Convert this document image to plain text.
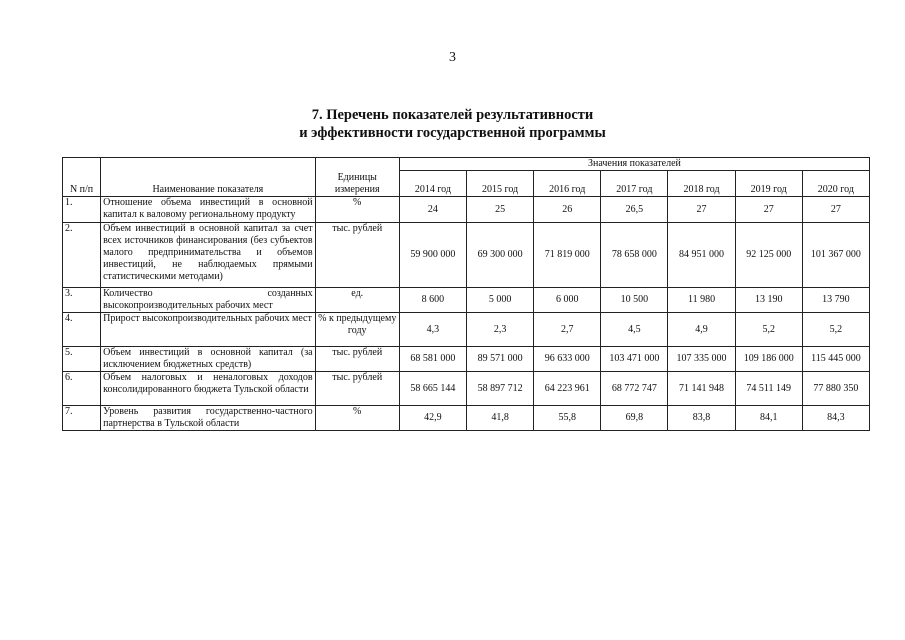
3
7. Перечень показателей результативности
и эффективности государственной программы
N п/п	Наименование показателя	Единицы измерения	Значения показателей						
			2014 год	2015 год	2016 год	2017 год	2018 год	2019 год	2020 год
1.	Отношение объема инвестиций в основной капитал к валовому региональному продукту	%	24	25	26	26,5	27	27	27
2.	Объем инвестиций в основной капитал за счет всех источников финансирования (без субъектов малого предпринимательства и объемов инвестиций, не наблюдаемых прямыми статистическими методами)	тыс. рублей	59 900 000	69 300 000	71 819 000	78 658 000	84 951 000	92 125 000	101 367 000
3.	Количество созданных высокопроизводительных рабочих мест	ед.	8 600	5 000	6 000	10 500	11 980	13 190	13 790
4.	Прирост высокопроизводительных рабочих мест	% к предыдущему году	4,3	2,3	2,7	4,5	4,9	5,2	5,2
5.	Объем инвестиций в основной капитал (за исключением бюджетных средств)	тыс. рублей	68 581 000	89 571 000	96 633 000	103 471 000	107 335 000	109 186 000	115 445 000
6.	Объем налоговых и неналоговых доходов консолидированного бюджета Тульской области	тыс. рублей	58 665 144	58 897 712	64 223 961	68 772 747	71 141 948	74 511 149	77 880 350
7.	Уровень развития государственно-частного партнерства в Тульской области	%	42,9	41,8	55,8	69,8	83,8	84,1	84,3
